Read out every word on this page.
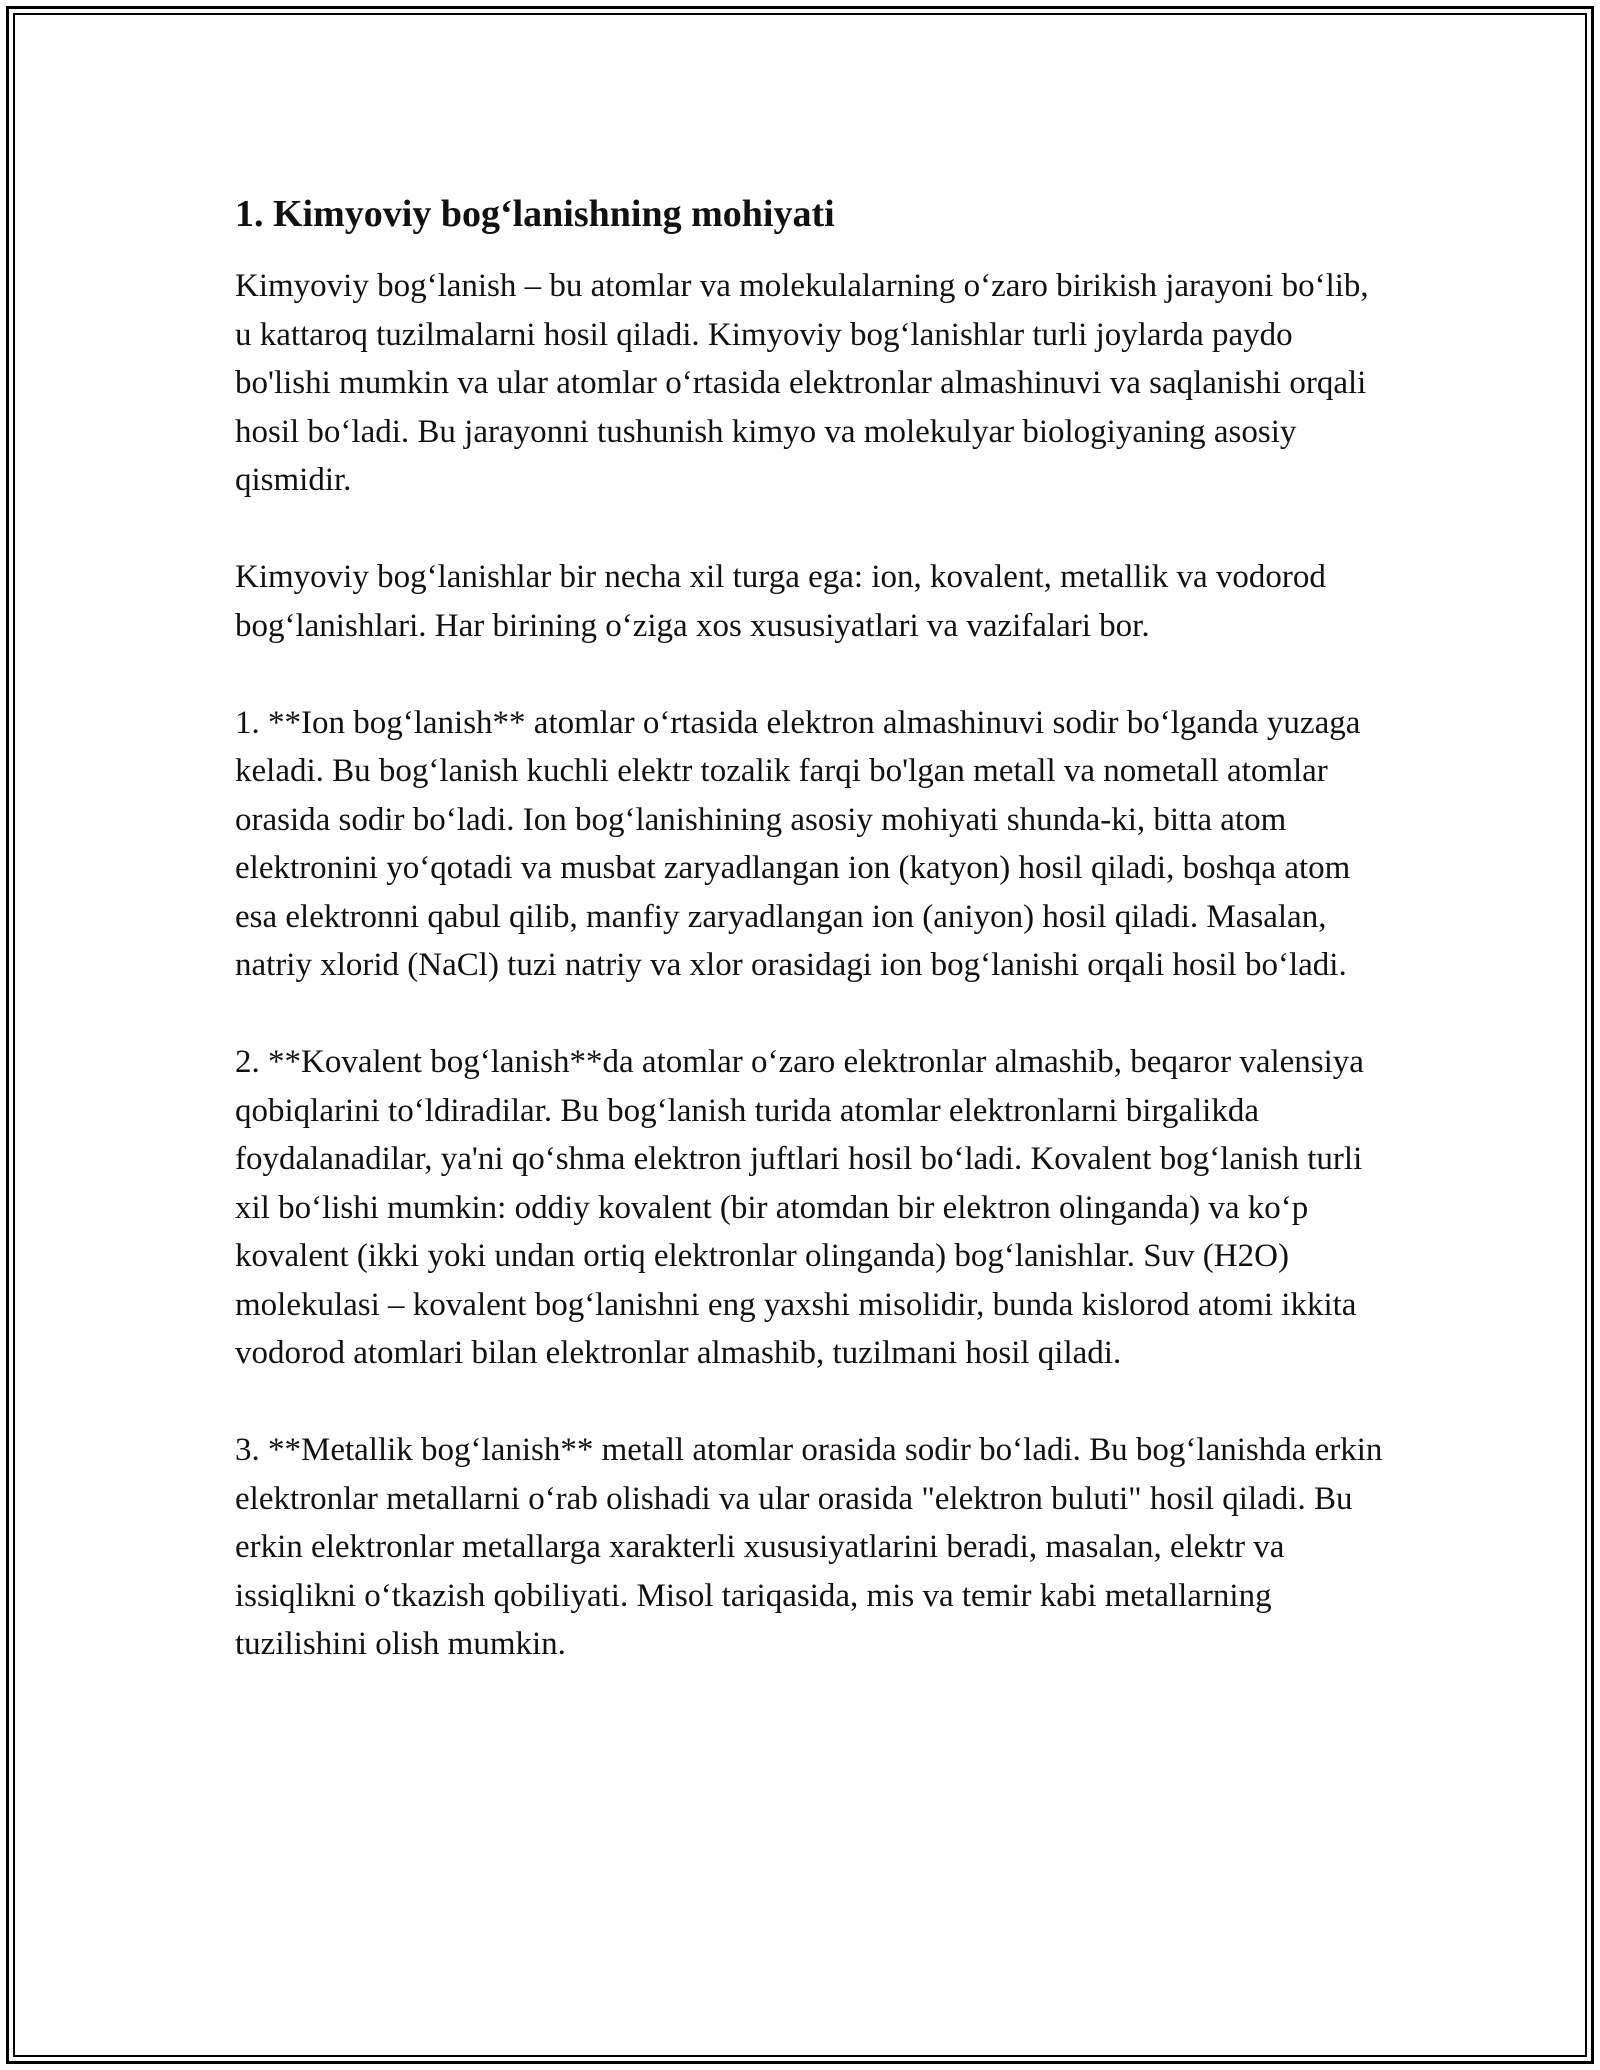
1. Kimyoviy bog‘lanishning mohiyati

Kimyoviy bog‘lanish – bu atomlar va molekulalarning o‘zaro birikish jarayoni bo‘lib, u kattaroq tuzilmalarni hosil qiladi. Kimyoviy bog‘lanishlar turli joylarda paydo bo'lishi mumkin va ular atomlar o‘rtasida elektronlar almashinuvi va saqlanishi orqali hosil bo‘ladi. Bu jarayonni tushunish kimyo va molekulyar biologiyaning asosiy qismidir.

Kimyoviy bog‘lanishlar bir necha xil turga ega: ion, kovalent, metallik va vodorod bog‘lanishlari. Har birining o‘ziga xos xususiyatlari va vazifalari bor.

1. **Ion bog‘lanish** atomlar o‘rtasida elektron almashinuvi sodir bo‘lganda yuzaga keladi. Bu bog‘lanish kuchli elektr tozalik farqi bo'lgan metall va nometall atomlar orasida sodir bo‘ladi. Ion bog‘lanishining asosiy mohiyati shunda-ki, bitta atom elektronini yo‘qotadi va musbat zaryadlangan ion (katyon) hosil qiladi, boshqa atom esa elektronni qabul qilib, manfiy zaryadlangan ion (aniyon) hosil qiladi. Masalan, natriy xlorid (NaCl) tuzi natriy va xlor orasidagi ion bog‘lanishi orqali hosil bo‘ladi.

2. **Kovalent bog‘lanish**da atomlar o‘zaro elektronlar almashib, beqaror valensiya qobiqlarini to‘ldiradilar. Bu bog‘lanish turida atomlar elektronlarni birgalikda foydalanadilar, ya'ni qo‘shma elektron juftlari hosil bo‘ladi. Kovalent bog‘lanish turli xil bo‘lishi mumkin: oddiy kovalent (bir atomdan bir elektron olinganda) va ko‘p kovalent (ikki yoki undan ortiq elektronlar olinganda) bog‘lanishlar. Suv (H2O) molekulasi – kovalent bog‘lanishni eng yaxshi misolidir, bunda kislorod atomi ikkita vodorod atomlari bilan elektronlar almashib, tuzilmani hosil qiladi.

3. **Metallik bog‘lanish** metall atomlar orasida sodir bo‘ladi. Bu bog‘lanishda erkin elektronlar metallarni o‘rab olishadi va ular orasida "elektron buluti" hosil qiladi. Bu erkin elektronlar metallarga xarakterli xususiyatlarini beradi, masalan, elektr va issiqlikni o‘tkazish qobiliyati. Misol tariqasida, mis va temir kabi metallarning tuzilishini olish mumkin.
